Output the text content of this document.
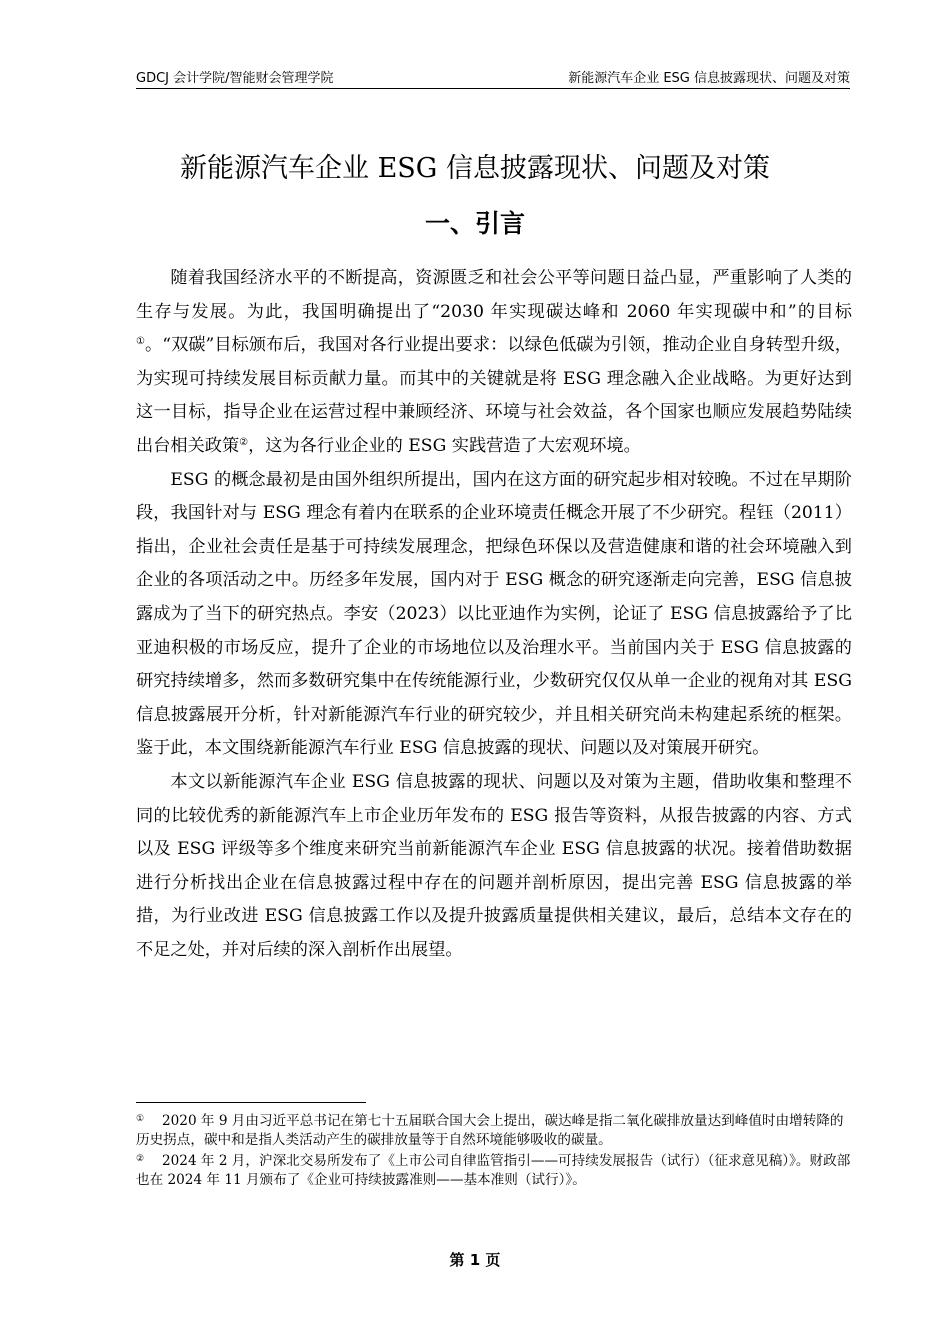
GDCJ 会计学院/智能财会管理学院	新能源汽车企业 ESG 信息披露现状、问题及对策
新能源汽车企业 ESG 信息披露现状、问题及对策
一、引言

随着我国经济水平的不断提高，资源匮乏和社会公平等问题日益凸显，严重影响了人类的生存与发展。为此，我国明确提出了“2030 年实现碳达峰和 2060 年实现碳中和”的目标①。“双碳”目标颁布后，我国对各行业提出要求：以绿色低碳为引领，推动企业自身转型升级，为实现可持续发展目标贡献力量。而其中的关键就是将 ESG 理念融入企业战略。为更好达到这一目标，指导企业在运营过程中兼顾经济、环境与社会效益，各个国家也顺应发展趋势陆续出台相关政策②，这为各行业企业的 ESG 实践营造了大宏观环境。

ESG 的概念最初是由国外组织所提出，国内在这方面的研究起步相对较晚。不过在早期阶段，我国针对与 ESG 理念有着内在联系的企业环境责任概念开展了不少研究。程钰（2011）指出，企业社会责任是基于可持续发展理念，把绿色环保以及营造健康和谐的社会环境融入到企业的各项活动之中。历经多年发展，国内对于 ESG 概念的研究逐渐走向完善，ESG 信息披露成为了当下的研究热点。李安（2023）以比亚迪作为实例，论证了 ESG 信息披露给予了比亚迪积极的市场反应，提升了企业的市场地位以及治理水平。当前国内关于 ESG 信息披露的研究持续增多，然而多数研究集中在传统能源行业，少数研究仅仅从单一企业的视角对其 ESG 信息披露展开分析，针对新能源汽车行业的研究较少，并且相关研究尚未构建起系统的框架。鉴于此，本文围绕新能源汽车行业 ESG 信息披露的现状、问题以及对策展开研究。

本文以新能源汽车企业 ESG 信息披露的现状、问题以及对策为主题，借助收集和整理不同的比较优秀的新能源汽车上市企业历年发布的 ESG 报告等资料，从报告披露的内容、方式以及 ESG 评级等多个维度来研究当前新能源汽车企业 ESG 信息披露的状况。接着借助数据进行分析找出企业在信息披露过程中存在的问题并剖析原因，提出完善 ESG 信息披露的举措，为行业改进 ESG 信息披露工作以及提升披露质量提供相关建议，最后，总结本文存在的不足之处，并对后续的深入剖析作出展望。

① 2020 年 9 月由习近平总书记在第七十五届联合国大会上提出，碳达峰是指二氧化碳排放量达到峰值时由增转降的历史拐点，碳中和是指人类活动产生的碳排放量等于自然环境能够吸收的碳量。
② 2024 年 2 月，沪深北交易所发布了《上市公司自律监管指引——可持续发展报告（试行）（征求意见稿）》。财政部也在 2024 年 11 月颁布了《企业可持续披露准则——基本准则（试行）》。
第 1 页
